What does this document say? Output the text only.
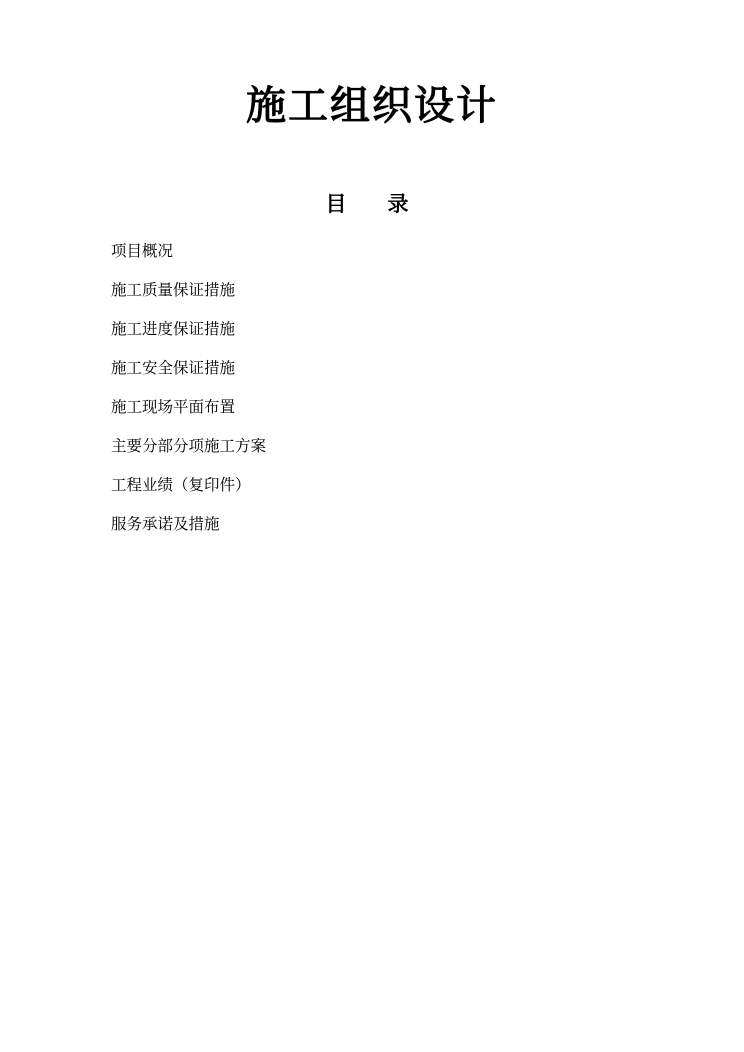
施工组织设计
目　录
项目概况
施工质量保证措施
施工进度保证措施
施工安全保证措施
施工现场平面布置
主要分部分项施工方案
工程业绩（复印件）
服务承诺及措施
